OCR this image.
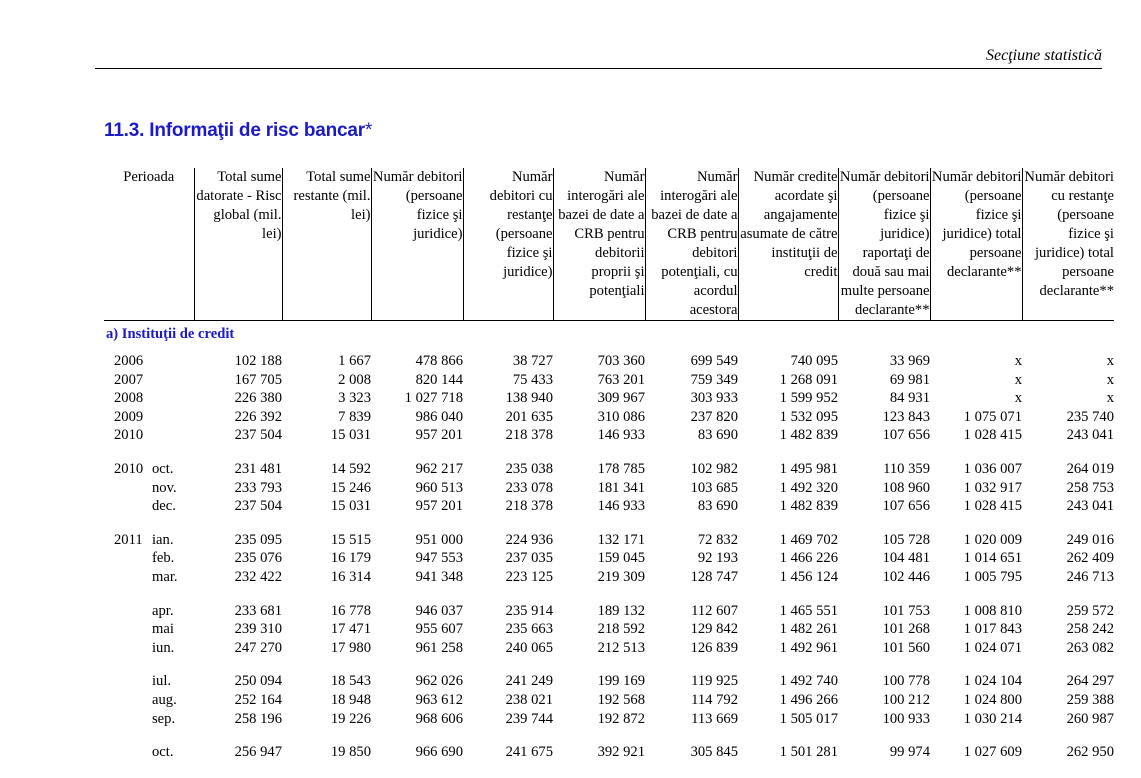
Secţiune statistică
11.3. Informaţii de risc bancar*
Perioada	Total sume datorate - Risc global (mil. lei)	Total sume restante (mil. lei)	Număr debitori (persoane fizice şi juridice)	Număr debitori cu restanţe (persoane fizice şi juridice)	Număr interogări ale bazei de date a CRB pentru debitorii proprii şi potenţiali	Număr interogări ale bazei de date a CRB pentru debitori potenţiali, cu acordul acestora	Număr credite acordate şi angajamente asumate de către instituţii de credit	Număr debitori (persoane fizice şi juridice) raportaţi de două sau mai multe persoane declarante**	Număr debitori (persoane fizice şi juridice) total persoane declarante**	Număr debitori cu restanţe (persoane fizice şi juridice) total persoane declarante**
a) Instituţii de credit										

2006	102 188	1 667	478 866	38 727	703 360	699 549	740 095	33 969	x	x
2007	167 705	2 008	820 144	75 433	763 201	759 349	1 268 091	69 981	x	x
2008	226 380	3 323	1 027 718	138 940	309 967	303 933	1 599 952	84 931	x	x
2009	226 392	7 839	986 040	201 635	310 086	237 820	1 532 095	123 843	1 075 071	235 740
2010	237 504	15 031	957 201	218 378	146 933	83 690	1 482 839	107 656	1 028 415	243 041

2010 oct.	231 481	14 592	962 217	235 038	178 785	102 982	1 495 981	110 359	1 036 007	264 019
nov.	233 793	15 246	960 513	233 078	181 341	103 685	1 492 320	108 960	1 032 917	258 753
dec.	237 504	15 031	957 201	218 378	146 933	83 690	1 482 839	107 656	1 028 415	243 041

2011 ian.	235 095	15 515	951 000	224 936	132 171	72 832	1 469 702	105 728	1 020 009	249 016
feb.	235 076	16 179	947 553	237 035	159 045	92 193	1 466 226	104 481	1 014 651	262 409
mar.	232 422	16 314	941 348	223 125	219 309	128 747	1 456 124	102 446	1 005 795	246 713

apr.	233 681	16 778	946 037	235 914	189 132	112 607	1 465 551	101 753	1 008 810	259 572
mai	239 310	17 471	955 607	235 663	218 592	129 842	1 482 261	101 268	1 017 843	258 242
iun.	247 270	17 980	961 258	240 065	212 513	126 839	1 492 961	101 560	1 024 071	263 082

iul.	250 094	18 543	962 026	241 249	199 169	119 925	1 492 740	100 778	1 024 104	264 297
aug.	252 164	18 948	963 612	238 021	192 568	114 792	1 496 266	100 212	1 024 800	259 388
sep.	258 196	19 226	968 606	239 744	192 872	113 669	1 505 017	100 933	1 030 214	260 987

oct.	256 947	19 850	966 690	241 675	392 921	305 845	1 501 281	99 974	1 027 609	262 950
